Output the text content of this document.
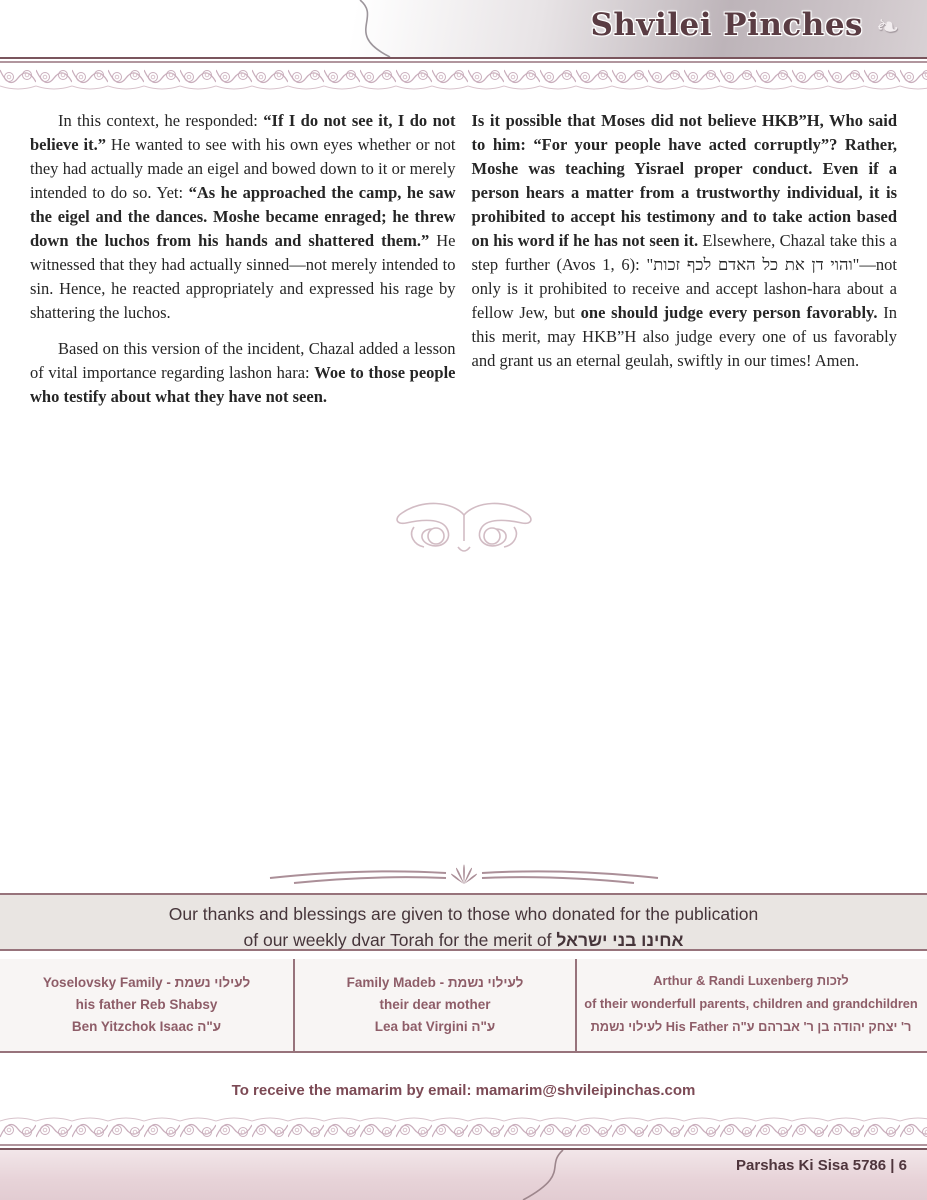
Shvilei Pinches ❧

In this context, he responded: “If I do not see it, I do not believe it.” He wanted to see with his own eyes whether or not they had actually made an eigel and bowed down to it or merely intended to do so. Yet: “As he approached the camp, he saw the eigel and the dances. Moshe became enraged; he threw down the luchos from his hands and shattered them.” He witnessed that they had actually sinned—not merely intended to sin. Hence, he reacted appropriately and expressed his rage by shattering the luchos.

Based on this version of the incident, Chazal added a lesson of vital importance regarding lashon hara: Woe to those people who testify about what they have not seen.

Is it possible that Moses did not believe HKB”H, Who said to him: “For your people have acted corruptly”? Rather, Moshe was teaching Yisrael proper conduct. Even if a person hears a matter from a trustworthy individual, it is prohibited to accept his testimony and to take action based on his word if he has not seen it. Elsewhere, Chazal take this a step further (Avos 1, 6): "והוי דן את כל האדם לכף זכות"—not only is it prohibited to receive and accept lashon-hara about a fellow Jew, but one should judge every person favorably. In this merit, may HKB”H also judge every one of us favorably and grant us an eternal geulah, swiftly in our times! Amen.

Our thanks and blessings are given to those who donated for the publication
of our weekly dvar Torah for the merit of אחינו בני ישראל
Yoselovsky Family - לעילוי נשמת
his father Reb Shabsy
Ben Yitzchok Isaac ע"ה
Family Madeb - לעילוי נשמת
their dear mother
Lea bat Virgini ע"ה
Arthur & Randi Luxenberg לזכות
of their wonderfull parents, children and grandchildren
לעילוי נשמת His Father ר' יצחק יהודה בן ר' אברהם ע"ה
To receive the mamarim by email: mamarim@shvileipinchas.com
Parshas Ki Sisa 5786 | 6
